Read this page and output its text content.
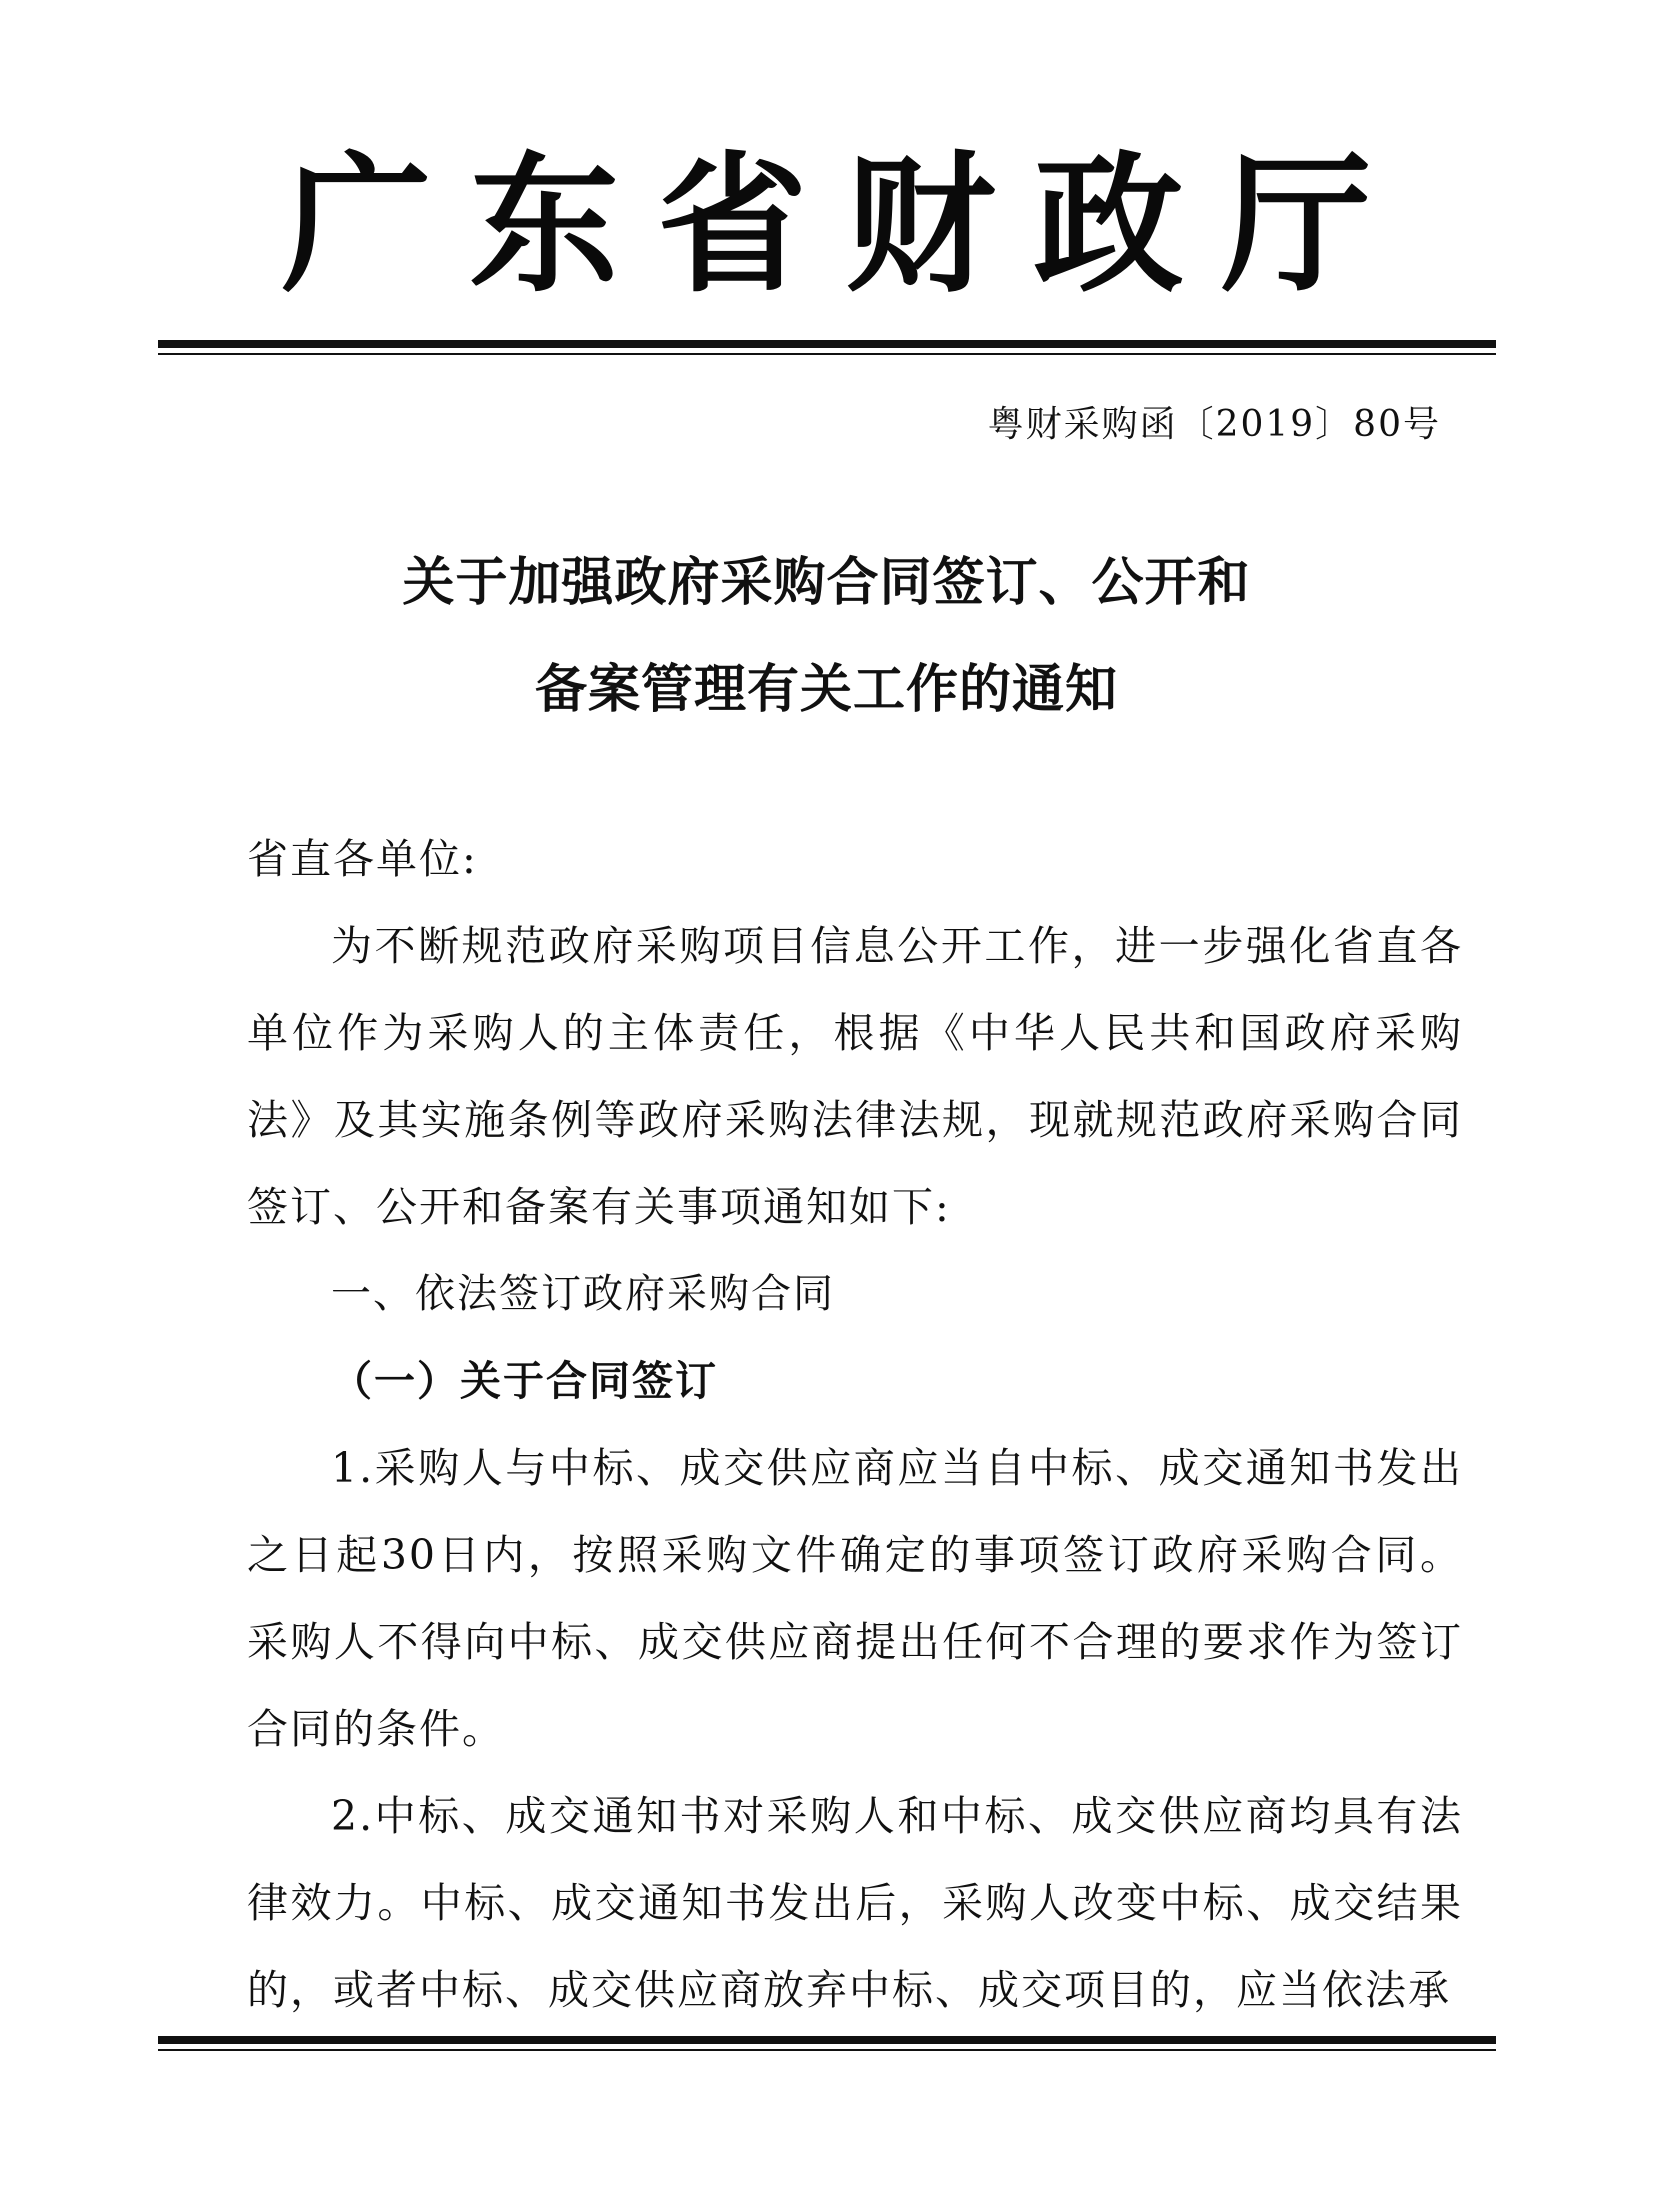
广东省财政厅
粤财采购函〔2019〕80号
关于加强政府采购合同签订、公开和
备案管理有关工作的通知

省直各单位:

为不断规范政府采购项目信息公开工作，进一步强化省直各单位作为采购人的主体责任，根据《中华人民共和国政府采购法》及其实施条例等政府采购法律法规，现就规范政府采购合同签订、公开和备案有关事项通知如下:

一、依法签订政府采购合同

（一）关于合同签订

1.采购人与中标、成交供应商应当自中标、成交通知书发出之日起30日内，按照采购文件确定的事项签订政府采购合同。采购人不得向中标、成交供应商提出任何不合理的要求作为签订合同的条件。

2.中标、成交通知书对采购人和中标、成交供应商均具有法律效力。中标、成交通知书发出后，采购人改变中标、成交结果的，或者中标、成交供应商放弃中标、成交项目的，应当依法承
